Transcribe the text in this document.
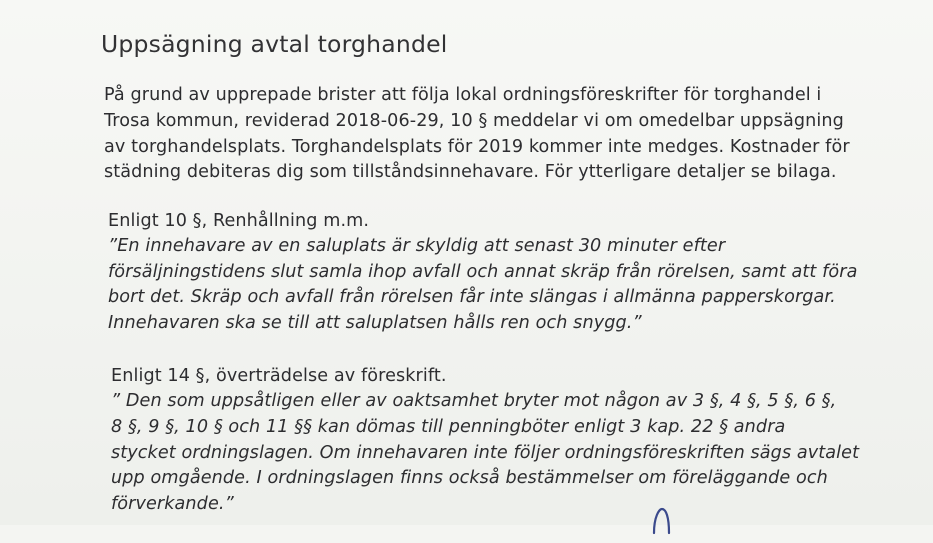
Uppsägning avtal torghandel
På grund av upprepade brister att följa lokal ordningsföreskrifter för torghandel i
Trosa kommun, reviderad 2018-06-29, 10 § meddelar vi om omedelbar uppsägning
av torghandelsplats. Torghandelsplats för 2019 kommer inte medges. Kostnader för
städning debiteras dig som tillståndsinnehavare. För ytterligare detaljer se bilaga.
Enligt 10 §, Renhållning m.m.
”En innehavare av en saluplats är skyldig att senast 30 minuter efter
försäljningstidens slut samla ihop avfall och annat skräp från rörelsen, samt att föra
bort det. Skräp och avfall från rörelsen får inte slängas i allmänna papperskorgar.
Innehavaren ska se till att saluplatsen hålls ren och snygg.”
Enligt 14 §, överträdelse av föreskrift.
” Den som uppsåtligen eller av oaktsamhet bryter mot någon av 3 §, 4 §, 5 §, 6 §,
8 §, 9 §, 10 § och 11 §§ kan dömas till penningböter enligt 3 kap. 22 § andra
stycket ordningslagen. Om innehavaren inte följer ordningsföreskriften sägs avtalet
upp omgående. I ordningslagen finns också bestämmelser om föreläggande och
förverkande.”
